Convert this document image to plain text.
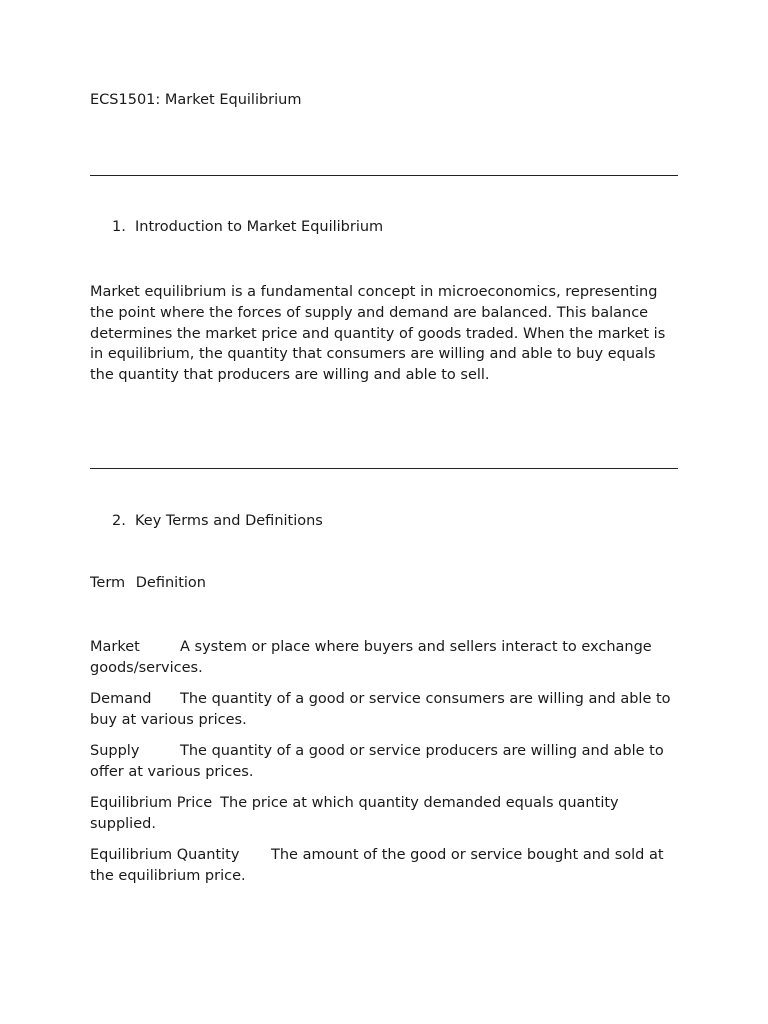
ECS1501: Market Equilibrium
1. Introduction to Market Equilibrium

Market equilibrium is a fundamental concept in microeconomics, representing the point where the forces of supply and demand are balanced. This balance determines the market price and quantity of goods traded. When the market is in equilibrium, the quantity that consumers are willing and able to buy equals the quantity that producers are willing and able to sell.

2. Key Terms and Definitions
Term Definition
Market	A system or place where buyers and sellers interact to exchange goods/services.
Demand The quantity of a good or service consumers are willing and able to buy at various prices.
Supply	The quantity of a good or service producers are willing and able to offer at various prices.
Equilibrium Price The price at which quantity demanded equals quantity supplied.
Equilibrium Quantity The amount of the good or service bought and sold at the equilibrium price.
